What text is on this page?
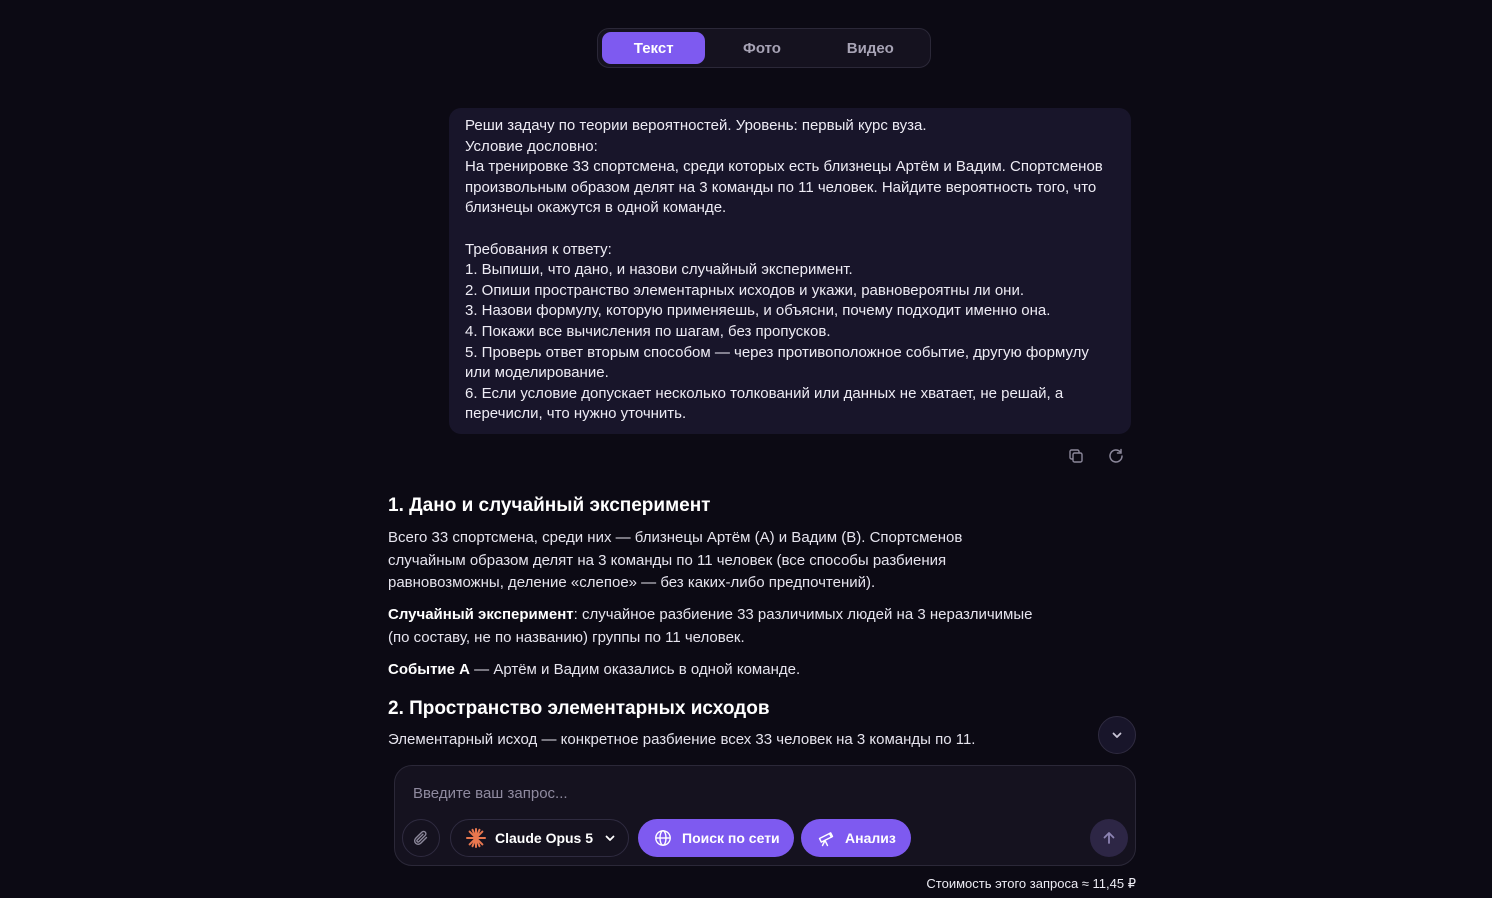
Текст	Фото	Видео
Реши задачу по теории вероятностей. Уровень: первый курс вуза.
Условие дословно:
На тренировке 33 спортсмена, среди которых есть близнецы Артём и Вадим. Спортсменов произвольным образом делят на 3 команды по 11 человек. Найдите вероятность того, что близнецы окажутся в одной команде.

Требования к ответу:
1. Выпиши, что дано, и назови случайный эксперимент.
2. Опиши пространство элементарных исходов и укажи, равновероятны ли они.
3. Назови формулу, которую применяешь, и объясни, почему подходит именно она.
4. Покажи все вычисления по шагам, без пропусков.
5. Проверь ответ вторым способом — через противоположное событие, другую формулу или моделирование.
6. Если условие допускает несколько толкований или данных не хватает, не решай, а перечисли, что нужно уточнить.
1. Дано и случайный эксперимент

Всего 33 спортсмена, среди них — близнецы Артём (A) и Вадим (B). Спортсменов случайным образом делят на 3 команды по 11 человек (все способы разбиения равновозможны, деление «слепое» — без каких-либо предпочтений).

Случайный эксперимент: случайное разбиение 33 различимых людей на 3 неразличимые (по составу, не по названию) группы по 11 человек.

Событие A — Артём и Вадим оказались в одной команде.

2. Пространство элементарных исходов

Элементарный исход — конкретное разбиение всех 33 человек на 3 команды по 11.

Введите ваш запрос...
Claude Opus 5	Поиск по сети	Анализ
Стоимость этого запроса ≈ 11,45 ₽
